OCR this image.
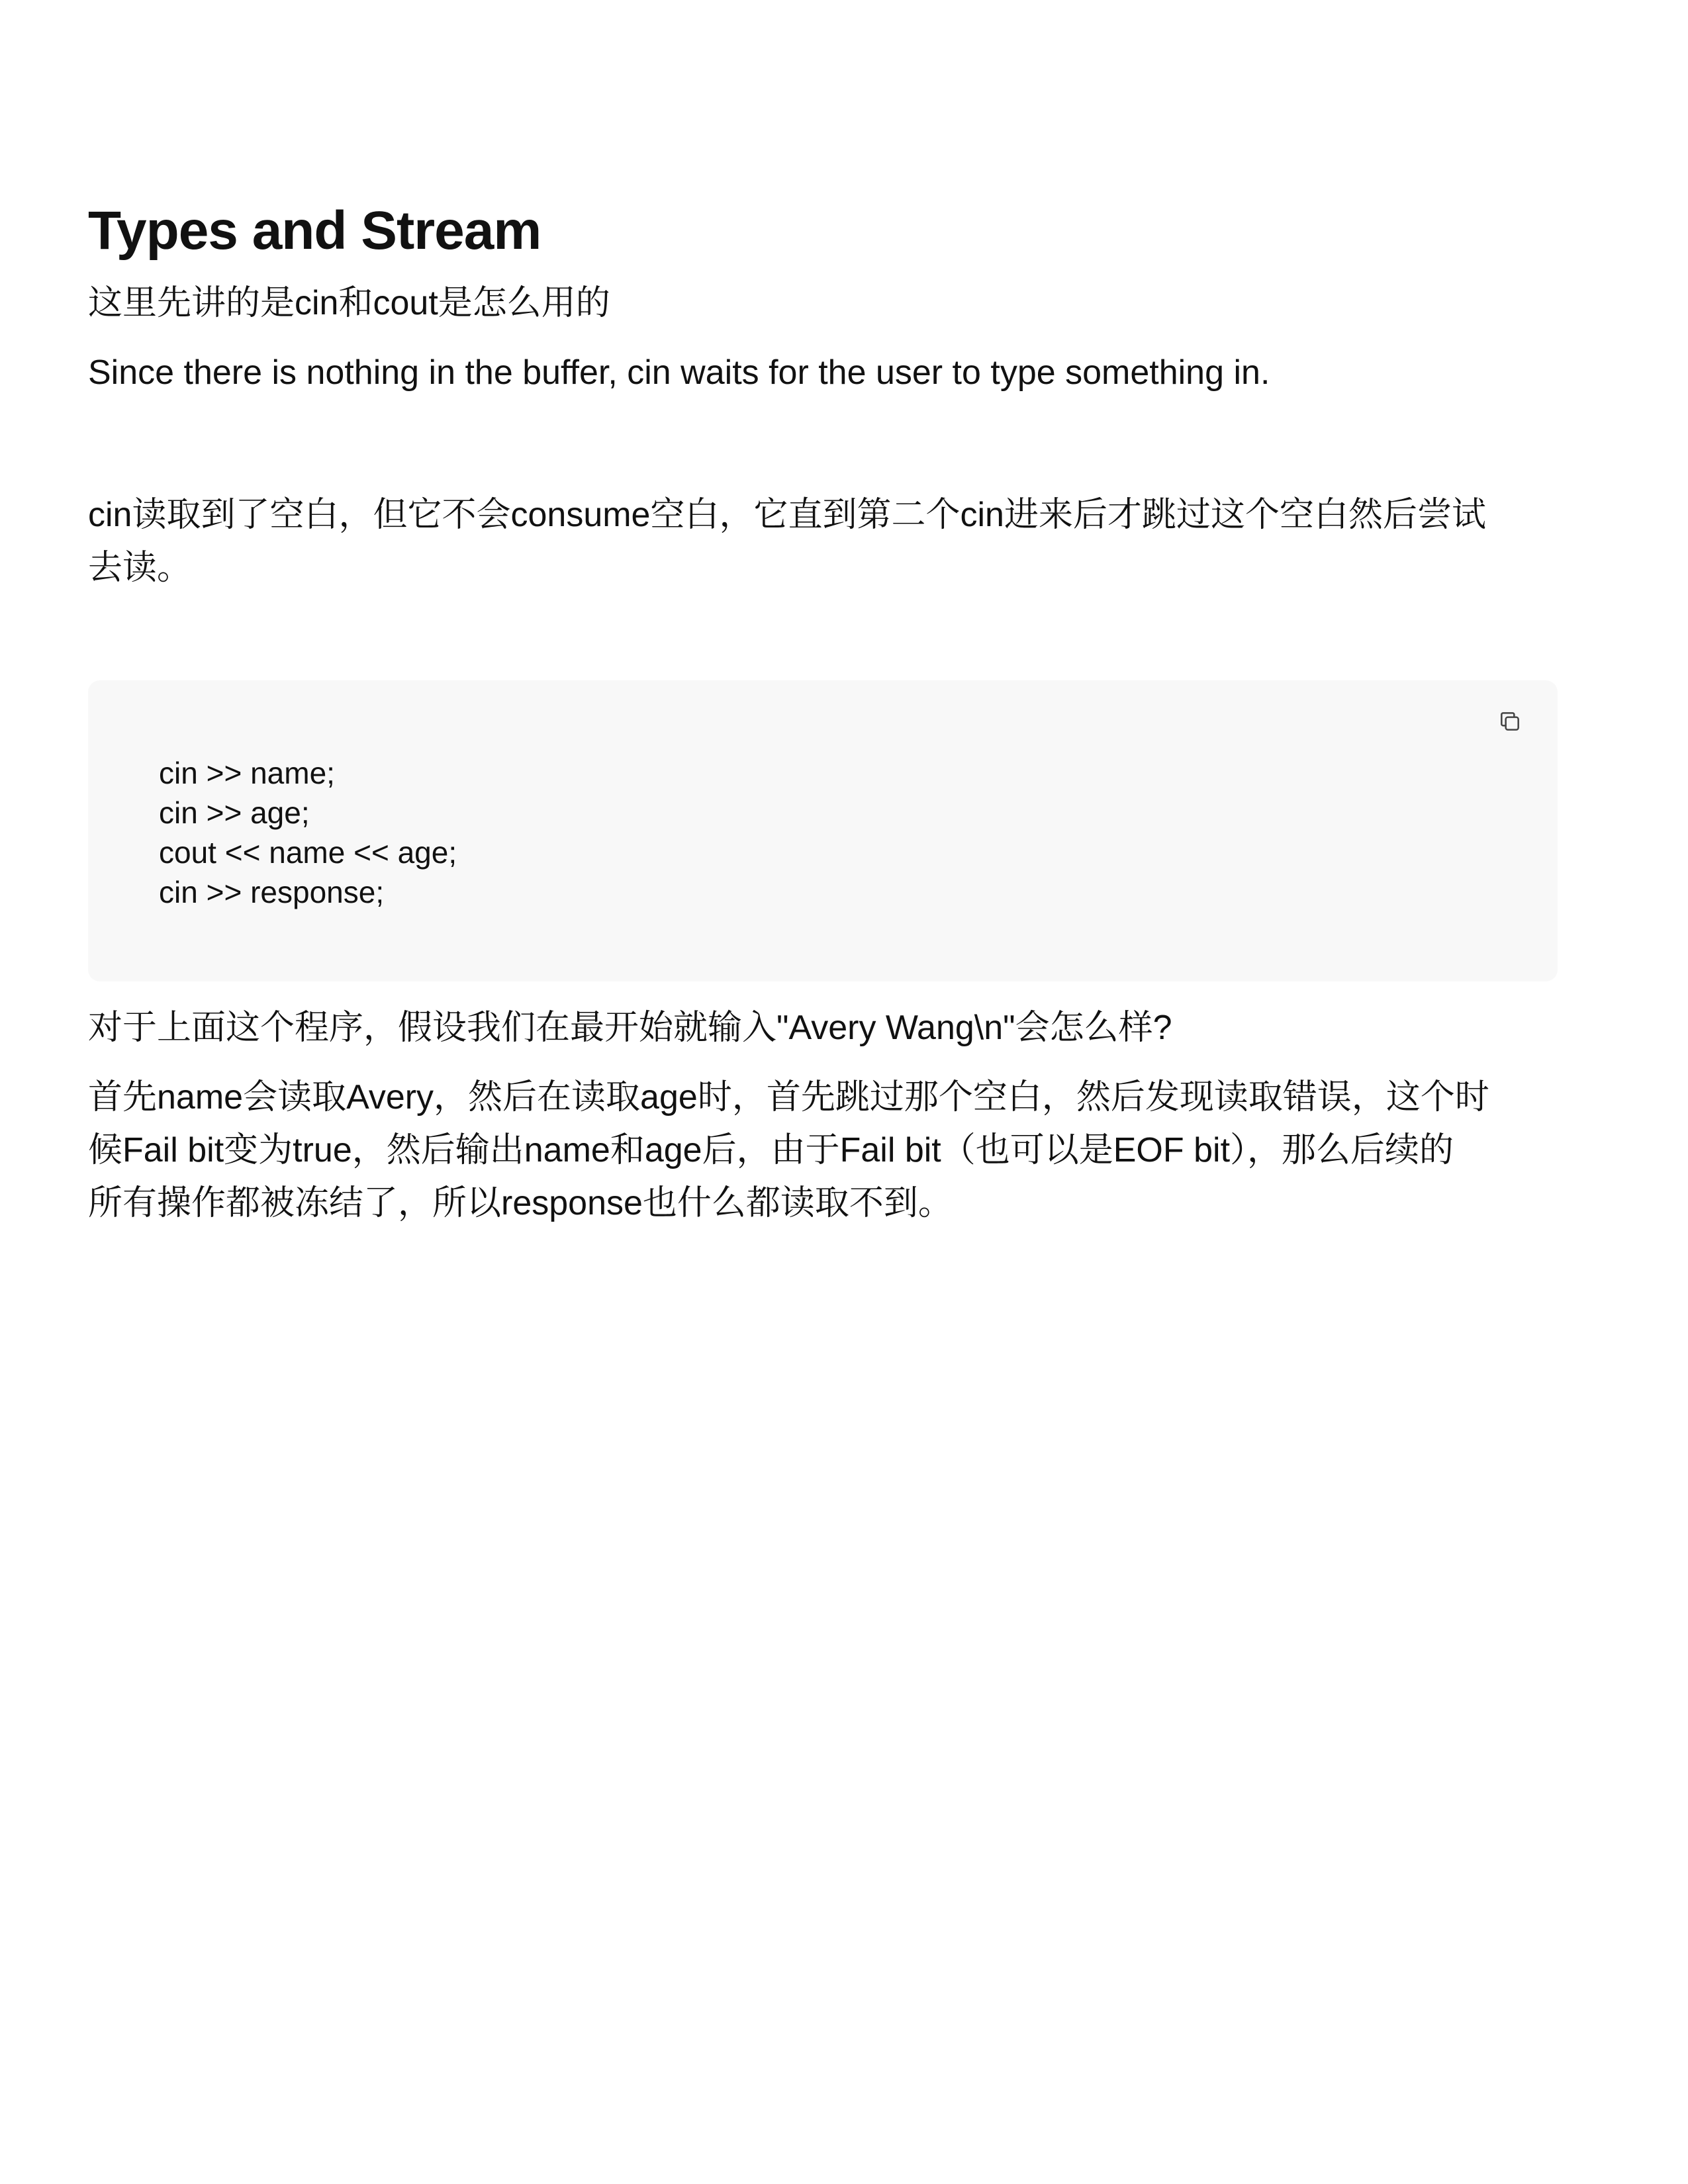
Types and Stream

这里先讲的是cin和cout是怎么用的

Since there is nothing in the buffer, cin waits for the user to type something in.

cin读取到了空白，但它不会consume空白，它直到第二个cin进来后才跳过这个空白然后尝试
去读。

cin >> name;
cin >> age;
cout << name << age;
cin >> response;

对于上面这个程序，假设我们在最开始就输入"Avery Wang\n"会怎么样?

首先name会读取Avery，然后在读取age时，首先跳过那个空白，然后发现读取错误，这个时
候Fail bit变为true，然后输出name和age后，由于Fail bit（也可以是EOF bit），那么后续的
所有操作都被冻结了，所以response也什么都读取不到。
